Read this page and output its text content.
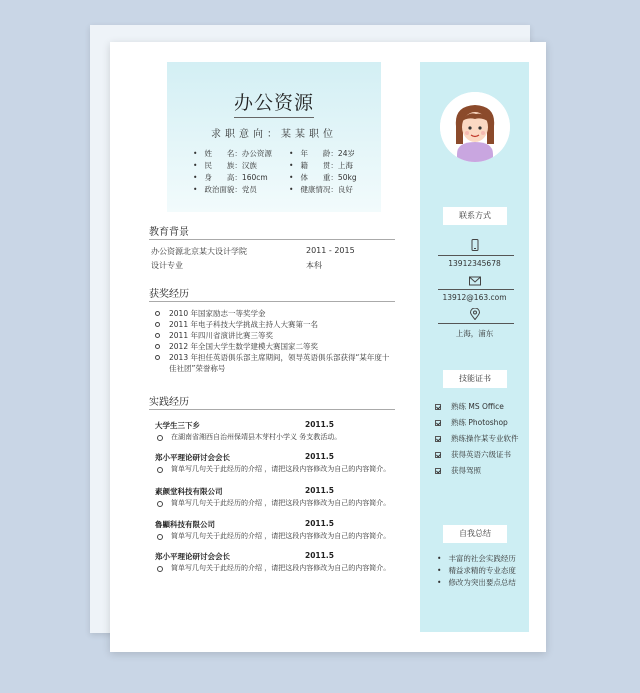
办公资源
求职意向：某某职位
• 姓　　名：办公资源	• 年　　龄：24岁
• 民　　族：汉族	• 籍　　贯：上海
• 身　　高：160cm	• 体　　重：50kg
• 政治面貌：党员	• 健康情况：良好
教育背景
办公资源北京某大设计学院	2011 - 2015
设计专业	本科
获奖经历
2010 年国家励志一等奖学金
2011 年电子科技大学挑战主持人大赛第一名
2011 年四川省演讲比赛三等奖
2012 年全国大学生数学建模大赛国家二等奖
2013 年担任英语俱乐部主席期间，领导英语俱乐部获得“某年度十佳社团”荣誉称号
实践经历
大学生三下乡	2011.5
在湖南省湘西自治州保靖县木芽村小学义 务支教活动。
郑小平理论研讨会会长	2011.5
简单写几句关于此经历的介绍 ，请把这段内容修改为自己的内容简介。
素颜堂科技有限公司	2011.5
简单写几句关于此经历的介绍 ，请把这段内容修改为自己的内容简介。
魯顯科技有限公司	2011.5
简单写几句关于此经历的介绍 ，请把这段内容修改为自己的内容简介。
郑小平理论研讨会会长	2011.5
简单写几句关于此经历的介绍 ，请把这段内容修改为自己的内容简介。
联系方式
13912345678
13912@163.com
上海，浦东
技能证书
熟练 MS Office
熟练 Photoshop
熟练操作某专业软件
获得英语六级证书
获得驾照
自我总结
• 丰富的社会实践经历
• 精益求精的专业态度
• 修改为突出要点总结
